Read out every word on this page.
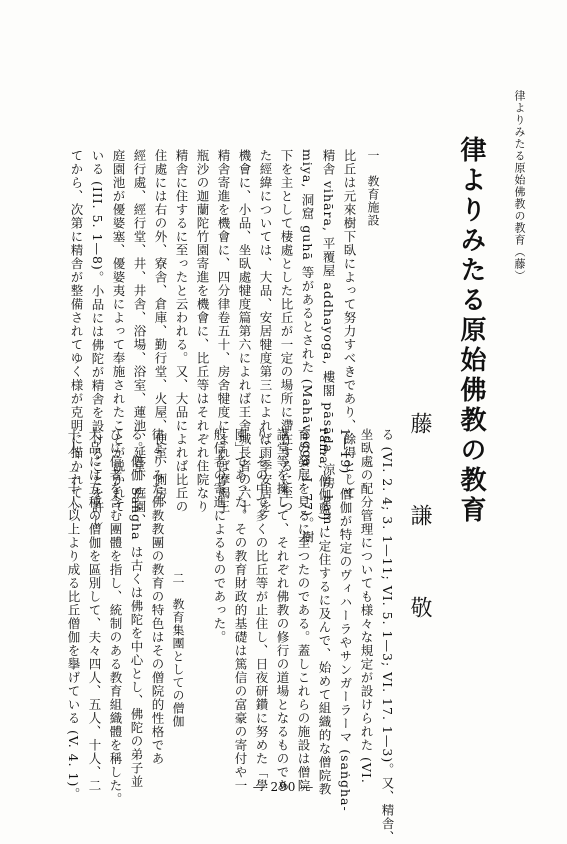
律よりみたる原始佛教の教育（藤）
律よりみたる原始佛教の教育
藤　謙　敬
一　教育施設
比丘は元來樹下臥によって努力すべきであり、餘得として
精舎 vihāra, 平覆屋 addhayoga, 樓閣 pāsāda, 涼房 ham-
miya, 洞窟 guhā 等があるとされた (Mahāvagga, I. 77)。樹
下を主として棲處とした比丘が一定の場所に滯在するに至つ
た經緯については、大品、安居犍度第三によれば雨季安居を
機會に、小品、坐臥處犍度篇第六によれば王舍城長者の六十
精舎寄進を機會に、四分律卷五十、房舍犍度によれば摩竭王
瓶沙の迦蘭陀竹園寄進を機會に、比丘等はそれぞれ住院なり
精舎に住するに至ったと云われる。又、大品によれば比丘の
住處には右の外、寮舎、倉庫、勤行堂、火屋、便室、厠房、
經行處、經行堂、井、井舎、浴場、浴室、蓮池、延堂、庭園、
庭園池が優婆塞、優婆夷によって奉施されたことが説かれて
いる (III. 5. 1—8)。小品には佛陀が精舎を設けることを許し
てから、次第に精舎が整備されてゆく様が克明に描かれてい
る (VI. 2. 4; 3. 1—11; VI. 5. 1—3; VI. 17. 1—3)。又、精舎、
坐臥處の配分管理についても様々な規定が設けられた (VI.
1—19)。僧伽が特定のヴィハーラやサンガーラーマ (saṅgha-
rāma, 僧伽藍) に定住するに及んで、始めて組織的な僧院教
育の發展を見るに至つたのである。蓋しこれらの施設は僧院
講堂等を擁して、それぞれ佛教の修行の道場となるものであ
り、その中で多くの比丘等が止住し、日夜研鑽に努めた「學
園」であった。その教育財政的基礎は篤信の富豪の寄付や一
般信者の寄進によるものであった。
二　教育集團としての僧伽
律よりみた佛教教團の教育の特色はその僧院的性格であ
る。僧伽 Saṅgha は古くは佛陀を中心とし、佛陀の弟子並
びに信者を含む團體を指し、統制のある教育組織體を稱した。
大品には五種の僧伽を區別して、夫々四人、五人、十人、二
十人、二十人以上より成る比丘僧伽を擧げている (V. 4. 1)。	— 290 —
